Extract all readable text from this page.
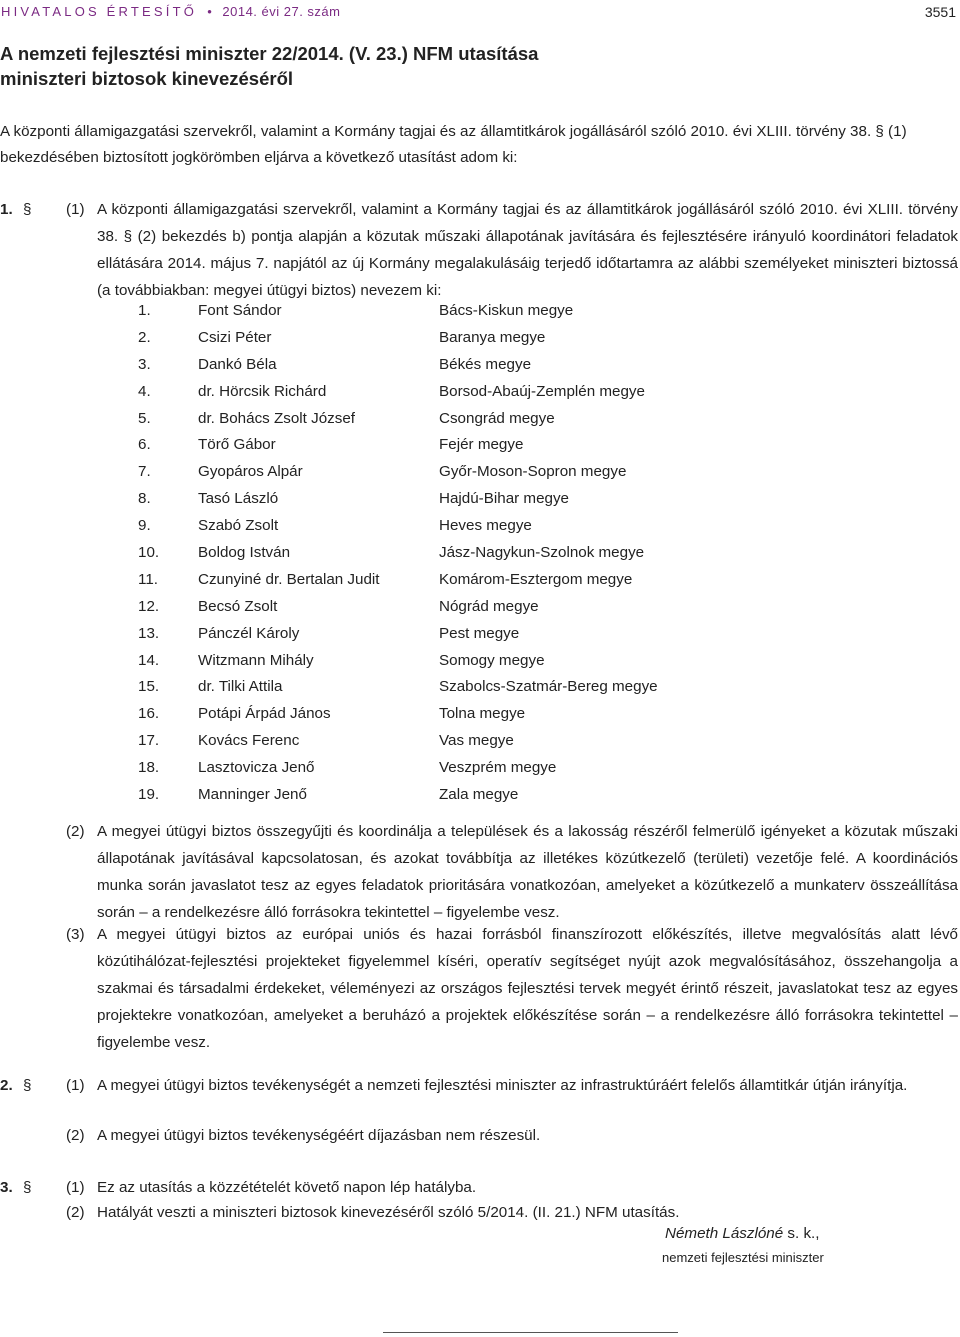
HIVATALOS ÉRTESÍTŐ • 2014. évi 27. szám	3551
A nemzeti fejlesztési miniszter 22/2014. (V. 23.) NFM utasítása
miniszteri biztosok kinevezéséről
A központi államigazgatási szervekről, valamint a Kormány tagjai és az államtitkárok jogállásáról szóló 2010. évi XLIII. törvény 38. § (1) bekezdésében biztosított jogkörömben eljárva a következő utasítást adom ki:
1. § (1) A központi államigazgatási szervekről, valamint a Kormány tagjai és az államtitkárok jogállásáról szóló 2010. évi XLIII. törvény 38. § (2) bekezdés b) pontja alapján a közutak műszaki állapotának javítására és fejlesztésére irányuló koordinátori feladatok ellátására 2014. május 7. napjától az új Kormány megalakulásáig terjedő időtartamra az alábbi személyeket miniszteri biztossá (a továbbiakban: megyei útügyi biztos) nevezem ki:
1.	Font Sándor	Bács-Kiskun megye
2.	Csizi Péter	Baranya megye
3.	Dankó Béla	Békés megye
4.	dr. Hörcsik Richárd	Borsod-Abaúj-Zemplén megye
5.	dr. Bohács Zsolt József	Csongrád megye
6.	Törő Gábor	Fejér megye
7.	Gyopáros Alpár	Győr-Moson-Sopron megye
8.	Tasó László	Hajdú-Bihar megye
9.	Szabó Zsolt	Heves megye
10.	Boldog István	Jász-Nagykun-Szolnok megye
11.	Czunyiné dr. Bertalan Judit	Komárom-Esztergom megye
12.	Becsó Zsolt	Nógrád megye
13.	Pánczél Károly	Pest megye
14.	Witzmann Mihály	Somogy megye
15.	dr. Tilki Attila	Szabolcs-Szatmár-Bereg megye
16.	Potápi Árpád János	Tolna megye
17.	Kovács Ferenc	Vas megye
18.	Lasztovicza Jenő	Veszprém megye
19.	Manninger Jenő	Zala megye
(2) A megyei útügyi biztos összegyűjti és koordinálja a települések és a lakosság részéről felmerülő igényeket a közutak műszaki állapotának javításával kapcsolatosan, és azokat továbbítja az illetékes közútkezelő (területi) vezetője felé. A koordinációs munka során javaslatot tesz az egyes feladatok prioritására vonatkozóan, amelyeket a közútkezelő a munkaterv összeállítása során – a rendelkezésre álló forrásokra tekintettel – figyelembe vesz.
(3) A megyei útügyi biztos az európai uniós és hazai forrásból finanszírozott előkészítés, illetve megvalósítás alatt lévő közútihálózat-fejlesztési projekteket figyelemmel kíséri, operatív segítséget nyújt azok megvalósításához, összehangolja a szakmai és társadalmi érdekeket, véleményezi az országos fejlesztési tervek megyét érintő részeit, javaslatokat tesz az egyes projektekre vonatkozóan, amelyeket a beruházó a projektek előkészítése során – a rendelkezésre álló forrásokra tekintettel – figyelembe vesz.
2. § (1) A megyei útügyi biztos tevékenységét a nemzeti fejlesztési miniszter az infrastruktúráért felelős államtitkár útján irányítja.
(2) A megyei útügyi biztos tevékenységéért díjazásban nem részesül.
3. § (1) Ez az utasítás a közzétételét követő napon lép hatályba.
(2) Hatályát veszti a miniszteri biztosok kinevezéséről szóló 5/2014. (II. 21.) NFM utasítás.
Németh Lászlóné s. k.,
nemzeti fejlesztési miniszter
